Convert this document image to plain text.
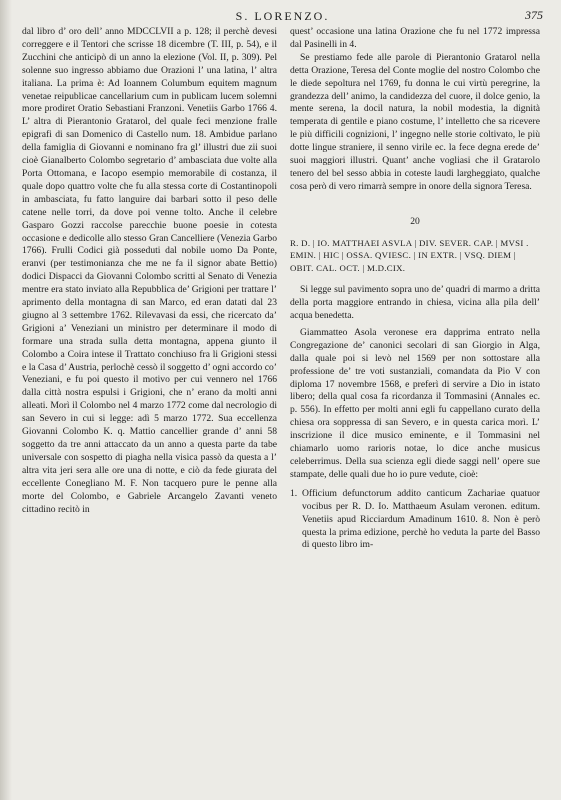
S. LORENZO.	375

dal libro d’ oro dell’ anno MDCCLVII a p. 128; il perchè devesi correggere e il Tentori che scrisse 18 dicembre (T. III, p. 54), e il Zucchini che anticipò di un anno la elezione (Vol. II, p. 309). Pel solenne suo ingresso abbiamo due Orazioni l’ una latina, l’ altra italiana. La prima è: Ad Ioannem Columbum equitem magnum venetae reipublicae cancellarium cum in publicam lucem solemni more prodiret Oratio Sebastiani Franzoni. Venetiis Garbo 1766 4. L’ altra di Pierantonio Gratarol, del quale feci menzione fralle epigrafi di san Domenico di Castello num. 18. Ambidue parlano della famiglia di Giovanni e nominano fra gl’ illustri due zii suoi cioè Gianalberto Colombo segretario d’ ambasciata due volte alla Porta Ottomana, e Iacopo esempio memorabile di costanza, il quale dopo quattro volte che fu alla stessa corte di Costantinopoli in ambasciata, fu fatto languire dai barbari sotto il peso delle catene nelle torri, da dove poi venne tolto. Anche il celebre Gasparo Gozzi raccolse parecchie buone poesie in cotesta occasione e dedicolle allo stesso Gran Cancelliere (Venezia Garbo 1766). Frulli Codici già posseduti dal nobile uomo Da Ponte, eranvi (per testimonianza che me ne fa il signor abate Bettio) dodici Dispacci da Giovanni Colombo scritti al Senato di Venezia mentre era stato inviato alla Repubblica de’ Grigioni per trattare l’ aprimento della montagna di san Marco, ed eran datati dal 23 giugno al 3 settembre 1762. Rilevavasi da essi, che ricercato da’ Grigioni a’ Veneziani un ministro per determinare il modo di formare una strada sulla detta montagna, appena giunto il Colombo a Coira intese il Trattato conchiuso fra li Grigioni stessi e la Casa d’ Austria, perlochè cessò il soggetto d’ ogni accordo co’ Veneziani, e fu poi questo il motivo per cui vennero nel 1766 dalla città nostra espulsi i Grigioni, che n’ erano da molti anni alleati. Morì il Colombo nel 4 marzo 1772 come dal necrologio di san Severo in cui si legge: adì 5 marzo 1772. Sua eccellenza Giovanni Colombo K. q. Mattio cancellier grande d’ anni 58 soggetto da tre anni attaccato da un anno a questa parte da tabe universale con sospetto di piagha nella visica passò da questa a l’ altra vita jeri sera alle ore una di notte, e ciò da fede giurata del eccellente Conegliano M. F. Non tacquero pure le penne alla morte del Colombo, e Gabriele Arcangelo Zavanti veneto cittadino recitò in

quest’ occasione una latina Orazione che fu nel 1772 impressa dal Pasinelli in 4.

Se prestiamo fede alle parole di Pierantonio Gratarol nella detta Orazione, Teresa del Conte moglie del nostro Colombo che le diede sepoltura nel 1769, fu donna le cui virtù peregrine, la grandezza dell’ animo, la candidezza del cuore, il dolce genio, la mente serena, la docil natura, la nobil modestia, la dignità temperata di gentile e piano costume, l’ intelletto che sa ricevere le più difficili cognizioni, l’ ingegno nelle storie coltivato, le più dotte lingue straniere, il senno virile ec. la fece degna erede de’ suoi maggiori illustri. Quant’ anche vogliasi che il Gratarolo tenero del bel sesso abbia in coteste laudi largheggiato, qualche cosa però di vero rimarrà sempre in onore della signora Teresa.

20
R. D. | IO. MATTHAEI ASVLA | DIV. SEVER. CAP. | MVSI . EMIN. | HIC | OSSA. QVIESC. | IN EXTR. | VSQ. DIEM | OBIT. CAL. OCT. | M.D.CIX.

Si legge sul pavimento sopra uno de’ quadri di marmo a dritta della porta maggiore entrando in chiesa, vicina alla pila dell’ acqua benedetta.

Giammatteo Asola veronese era dapprima entrato nella Congregazione de’ canonici secolari di san Giorgio in Alga, dalla quale poi si levò nel 1569 per non sottostare alla professione de’ tre voti sustanziali, comandata da Pio V con diploma 17 novembre 1568, e preferì di servire a Dio in istato libero; della qual cosa fa ricordanza il Tommasini (Annales ec. p. 556). In effetto per molti anni egli fu cappellano curato della chiesa ora soppressa di san Severo, e in questa carica morì. L’ inscrizione il dice musico eminente, e il Tommasini nel chiamarlo uomo rarioris notae, lo dice anche musicus celeberrimus. Della sua scienza egli diede saggi nell’ opere sue stampate, delle quali due ho io pure vedute, cioè:

1. Officium defunctorum addito canticum Zachariae quatuor vocibus per R. D. Io. Matthaeum Asulam veronen. editum. Venetiis apud Ricciardum Amadinum 1610. 8. Non è però questa la prima edizione, perchè ho veduta la parte del Basso di questo libro im-
